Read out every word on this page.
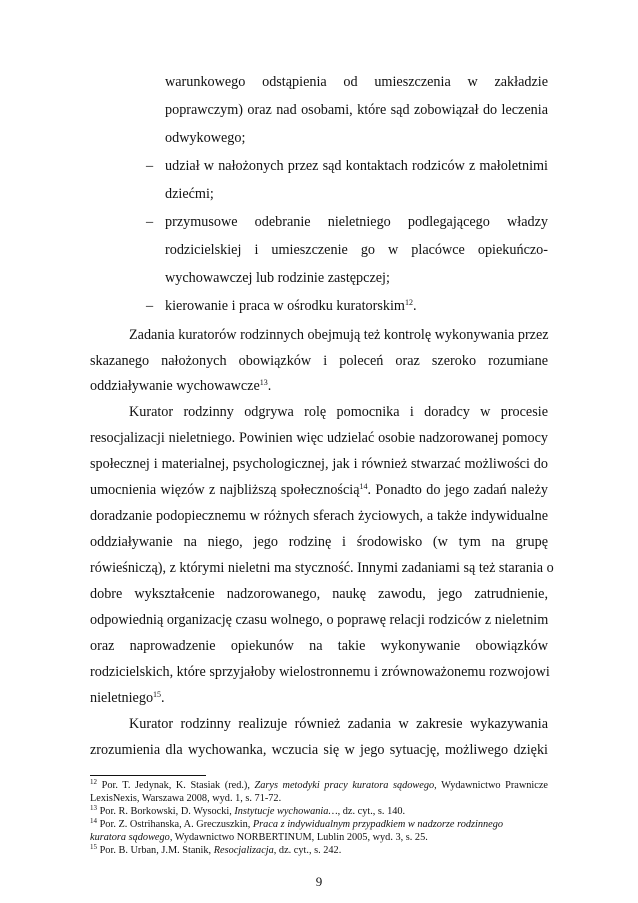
warunkowego odstąpienia od umieszczenia w zakładzie
poprawczym) oraz nad osobami, które sąd zobowiązał do leczenia
odwykowego;
– udział w nałożonych przez sąd kontaktach rodziców z małoletnimi
dziećmi;
– przymusowe odebranie nieletniego podlegającego władzy
rodzicielskiej i umieszczenie go w placówce opiekuńczo-
wychowawczej lub rodzinie zastępczej;
– kierowanie i praca w ośrodku kuratorskim$^{12}$.
Zadania kuratorów rodzinnych obejmują też kontrolę wykonywania przez
skazanego nałożonych obowiązków i poleceń oraz szeroko rozumiane
oddziaływanie wychowawcze$^{13}$.
Kurator rodzinny odgrywa rolę pomocnika i doradcy w procesie
resocjalizacji nieletniego. Powinien więc udzielać osobie nadzorowanej pomocy
społecznej i materialnej, psychologicznej, jak i również stwarzać możliwości do
umocnienia więzów z najbliższą społecznością$^{14}$. Ponadto do jego zadań należy
doradzanie podopiecznemu w różnych sferach życiowych, a także indywidualne
oddziaływanie na niego, jego rodzinę i środowisko (w tym na grupę
rówieśniczą), z którymi nieletni ma styczność. Innymi zadaniami są też starania o
dobre wykształcenie nadzorowanego, naukę zawodu, jego zatrudnienie,
odpowiednią organizację czasu wolnego, o poprawę relacji rodziców z nieletnim
oraz naprowadzenie opiekunów na takie wykonywanie obowiązków
rodzicielskich, które sprzyjałoby wielostronnemu i zrównoważonemu rozwojowi
nieletniego$^{15}$.
Kurator rodzinny realizuje również zadania w zakresie wykazywania
zrozumienia dla wychowanka, wczucia się w jego sytuację, możliwego dzięki
$^{12}$ Por. T. Jedynak, K. Stasiak (red.), Zarys metodyki pracy kuratora sądowego, Wydawnictwo Prawnicze
LexisNexis, Warszawa 2008, wyd. 1, s. 71-72.
$^{13}$ Por. R. Borkowski, D. Wysocki, Instytucje wychowania…, dz. cyt., s. 140.
$^{14}$ Por. Z. Ostrihanska, A. Greczuszkin, Praca z indywidualnym przypadkiem w nadzorze rodzinnego
kuratora sądowego, Wydawnictwo NORBERTINUM, Lublin 2005, wyd. 3, s. 25.
$^{15}$ Por. B. Urban, J.M. Stanik, Resocjalizacja, dz. cyt., s. 242.
9
